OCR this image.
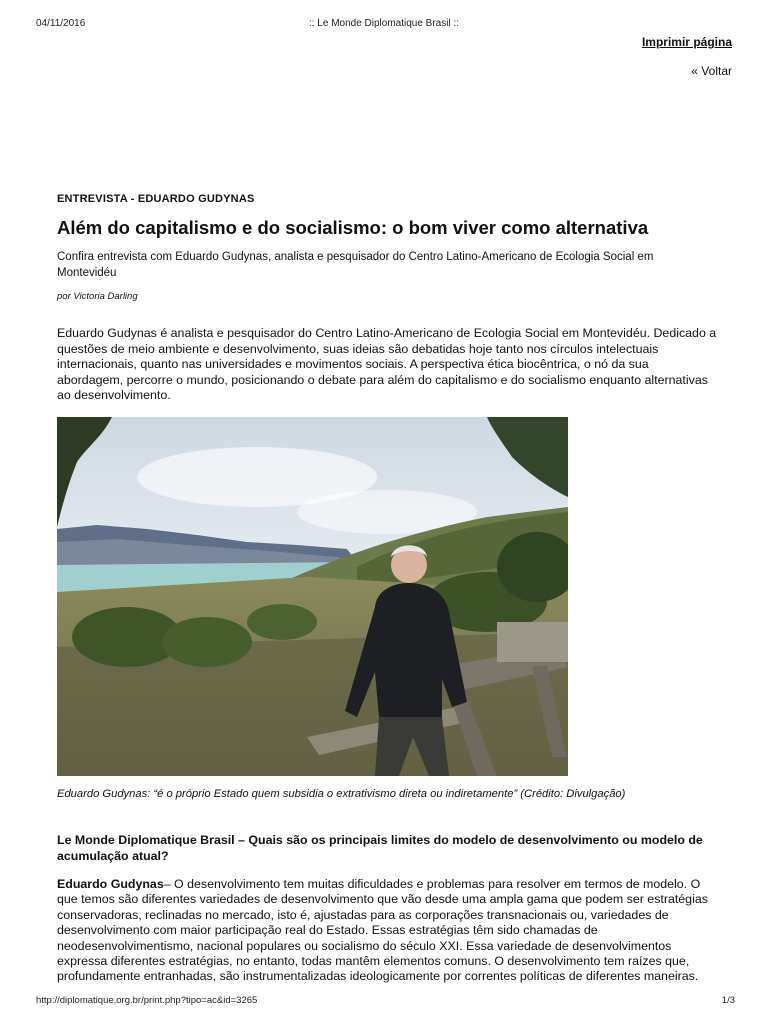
04/11/2016	:: Le Monde Diplomatique Brasil ::
Imprimir página
« Voltar
ENTREVISTA - EDUARDO GUDYNAS
Além do capitalismo e do socialismo: o bom viver como alternativa
Confira entrevista com Eduardo Gudynas, analista e pesquisador do Centro Latino-Americano de Ecologia Social em Montevidéu
por Victoria Darling
Eduardo Gudynas é analista e pesquisador do Centro Latino-Americano de Ecologia Social em Montevidéu. Dedicado a questões de meio ambiente e desenvolvimento, suas ideias são debatidas hoje tanto nos círculos intelectuais internacionais, quanto nas universidades e movimentos sociais. A perspectiva ética biocêntrica, o nó da sua abordagem, percorre o mundo, posicionando o debate para além do capitalismo e do socialismo enquanto alternativas ao desenvolvimento.
Eduardo Gudynas: “é o próprio Estado quem subsidia o extrativismo direta ou indiretamente” (Crédito: Divulgação)
Le Monde Diplomatique Brasil – Quais são os principais limites do modelo de desenvolvimento ou modelo de acumulação atual?
Eduardo Gudynas– O desenvolvimento tem muitas dificuldades e problemas para resolver em termos de modelo. O que temos são diferentes variedades de desenvolvimento que vão desde uma ampla gama que podem ser estratégias conservadoras, reclinadas no mercado, isto é, ajustadas para as corporações transnacionais ou, variedades de desenvolvimento com maior participação real do Estado. Essas estratégias têm sido chamadas de neodesenvolvimentismo, nacional populares ou socialismo do século XXI. Essa variedade de desenvolvimentos expressa diferentes estratégias, no entanto, todas mantêm elementos comuns. O desenvolvimento tem raízes que, profundamente entranhadas, são instrumentalizadas ideologicamente por correntes políticas de diferentes maneiras.
http://diplomatique.org.br/print.php?tipo=ac&id=3265	1/3
